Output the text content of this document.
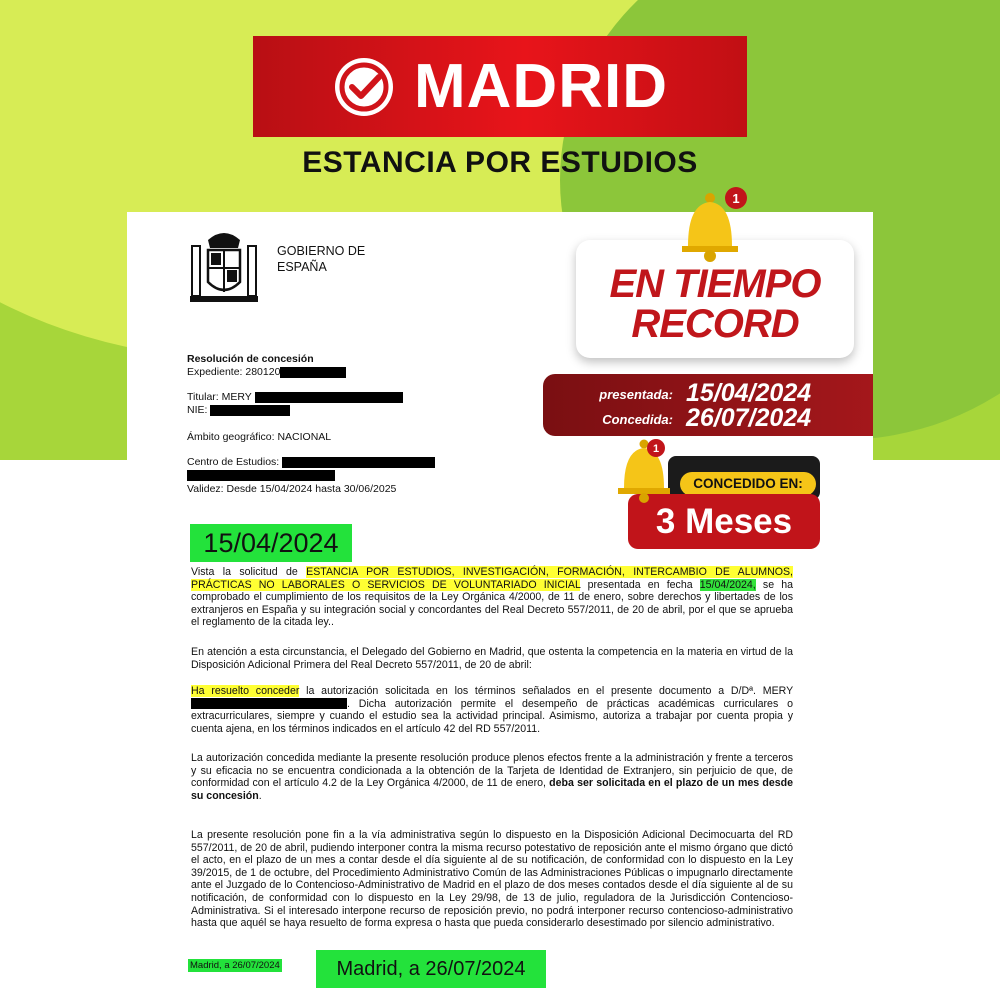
MADRID
ESTANCIA POR ESTUDIOS
GOBIERNO DE
ESPAÑA
Resolución de concesión
Expediente: 280120
Titular: MERY
NIE:
Ámbito geográfico: NACIONAL
Centro de Estudios:
Validez: Desde 15/04/2024 hasta 30/06/2025
15/04/2024
Vista la solicitud de ESTANCIA POR ESTUDIOS, INVESTIGACIÓN, FORMACIÓN, INTERCAMBIO DE ALUMNOS, PRÁCTICAS NO LABORALES O SERVICIOS DE VOLUNTARIADO INICIAL presentada en fecha 15/04/2024, se ha comprobado el cumplimiento de los requisitos de la Ley Orgánica 4/2000, de 11 de enero, sobre derechos y libertades de los extranjeros en España y su integración social y concordantes del Real Decreto 557/2011, de 20 de abril, por el que se aprueba el reglamento de la citada ley..
En atención a esta circunstancia, el Delegado del Gobierno en Madrid, que ostenta la competencia en la materia en virtud de la Disposición Adicional Primera del Real Decreto 557/2011, de 20 de abril:
Ha resuelto conceder la autorización solicitada en los términos señalados en el presente documento a D/Dª. MERY . Dicha autorización permite el desempeño de prácticas académicas curriculares o extracurriculares, siempre y cuando el estudio sea la actividad principal. Asimismo, autoriza a trabajar por cuenta propia y cuenta ajena, en los términos indicados en el artículo 42 del RD 557/2011.
La autorización concedida mediante la presente resolución produce plenos efectos frente a la administración y frente a terceros y su eficacia no se encuentra condicionada a la obtención de la Tarjeta de Identidad de Extranjero, sin perjuicio de que, de conformidad con el artículo 4.2 de la Ley Orgánica 4/2000, de 11 de enero, deba ser solicitada en el plazo de un mes desde su concesión.
La presente resolución pone fin a la vía administrativa según lo dispuesto en la Disposición Adicional Decimocuarta del RD 557/2011, de 20 de abril, pudiendo interponer contra la misma recurso potestativo de reposición ante el mismo órgano que dictó el acto, en el plazo de un mes a contar desde el día siguiente al de su notificación, de conformidad con lo dispuesto en la Ley 39/2015, de 1 de octubre, del Procedimiento Administrativo Común de las Administraciones Públicas o impugnarlo directamente ante el Juzgado de lo Contencioso-Administrativo de Madrid en el plazo de dos meses contados desde el día siguiente al de su notificación, de conformidad con lo dispuesto en la Ley 29/98, de 13 de julio, reguladora de la Jurisdicción Contencioso-Administrativa. Si el interesado interpone recurso de reposición previo, no podrá interponer recurso contencioso-administrativo hasta que aquél se haya resuelto de forma expresa o hasta que pueda considerarlo desestimado por silencio administrativo.
Madrid, a 26/07/2024	Madrid, a 26/07/2024
EN TIEMPO
RECORD
1
presentada: 15/04/2024
Concedida: 26/07/2024
CONCEDIDO EN:
3 Meses
1
